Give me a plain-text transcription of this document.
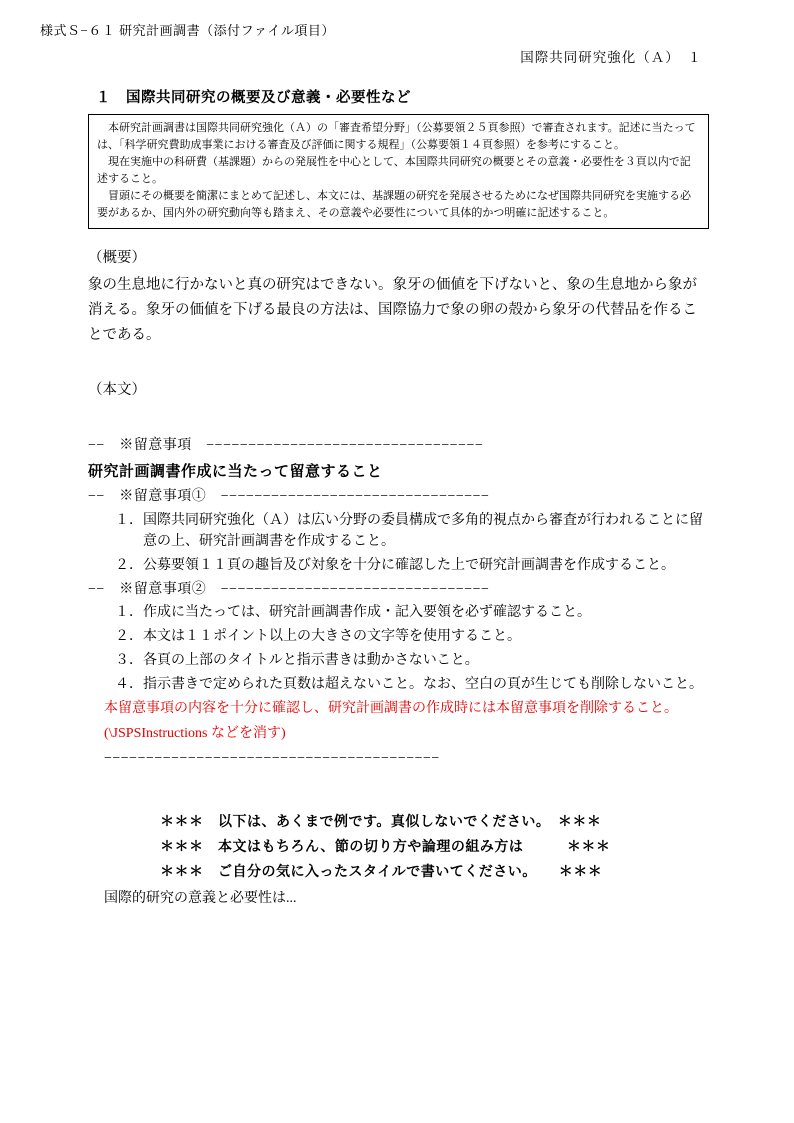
様式Ｓ−６１ 研究計画調書（添付ファイル項目）
国際共同研究強化（Ａ）　１
１　国際共同研究の概要及び意義・必要性など

　本研究計画調書は国際共同研究強化（Ａ）の「審査希望分野」（公募要領２５頁参照）で審査されます。記述に当たっては、「科学研究費助成事業における審査及び評価に関する規程」（公募要領１４頁参照）を参考にすること。

　現在実施中の科研費（基課題）からの発展性を中心として、本国際共同研究の概要とその意義・必要性を３頁以内で記述すること。

　冒頭にその概要を簡潔にまとめて記述し、本文には、基課題の研究を発展させるためになぜ国際共同研究を実施する必要があるか、国内外の研究動向等も踏まえ、その意義や必要性について具体的かつ明確に記述すること。

（概要）

象の生息地に行かないと真の研究はできない。象牙の価値を下げないと、象の生息地から象が消える。象牙の価値を下げる最良の方法は、国際協力で象の卵の殻から象牙の代替品を作ることである。

（本文）

−−　※留意事項　−−−−−−−−−−−−−−−−−−−−−−−−−−−−−−−−−

研究計画調書作成に当たって留意すること

−−　※留意事項①　−−−−−−−−−−−−−−−−−−−−−−−−−−−−−−−−

１．国際共同研究強化（Ａ）は広い分野の委員構成で多角的視点から審査が行われることに留意の上、研究計画調書を作成すること。

２．公募要領１１頁の趣旨及び対象を十分に確認した上で研究計画調書を作成すること。

−−　※留意事項②　−−−−−−−−−−−−−−−−−−−−−−−−−−−−−−−−

１．作成に当たっては、研究計画調書作成・記入要領を必ず確認すること。

２．本文は１１ポイント以上の大きさの文字等を使用すること。

３．各頁の上部のタイトルと指示書きは動かさないこと。

４．指示書きで定められた頁数は超えないこと。なお、空白の頁が生じても削除しないこと。

本留意事項の内容を十分に確認し、研究計画調書の作成時には本留意事項を削除すること。

(\JSPSInstructions などを消す)

−−−−−−−−−−−−−−−−−−−−−−−−−−−−−−−−−−−−−−−−

＊＊＊　以下は、あくまで例です。真似しないでください。　＊＊＊

＊＊＊　本文はもちろん、節の切り方や論理の組み方は　　　＊＊＊

＊＊＊　ご自分の気に入ったスタイルで書いてください。　　＊＊＊

国際的研究の意義と必要性は...
